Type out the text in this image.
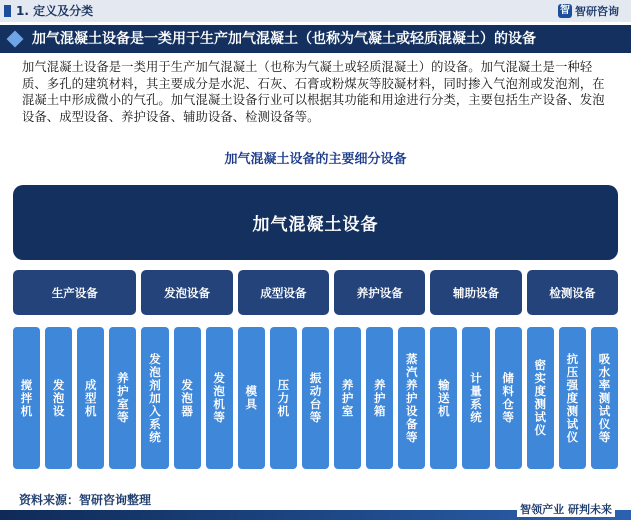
1. 定义及分类	智 智研咨询
加气混凝土设备是一类用于生产加气混凝土（也称为气凝土或轻质混凝土）的设备

加气混凝土设备是一类用于生产加气混凝土（也称为气凝土或轻质混凝土）的设备。加气混凝土是一种轻质、多孔的建筑材料，其主要成分是水泥、石灰、石膏或粉煤灰等胶凝材料，同时掺入气泡剂或发泡剂，在混凝土中形成微小的气孔。加气混凝土设备行业可以根据其功能和用途进行分类，主要包括生产设备、发泡设备、成型设备、养护设备、辅助设备、检测设备等。

加气混凝土设备的主要细分设备
加气混凝土设备
生产设备
搅拌机 发泡设 成型机 养护室等
发泡设备
发泡剂加入系统 发泡器 发泡机等
成型设备
模具 压力机 振动台等
养护设备
养护室 养护箱 蒸汽养护设备等
辅助设备
输送机 计量系统 储料仓等
检测设备
密实度测试仪 抗压强度测试仪 吸水率测试仪等
资料来源：智研咨询整理
智领产业 研判未来
